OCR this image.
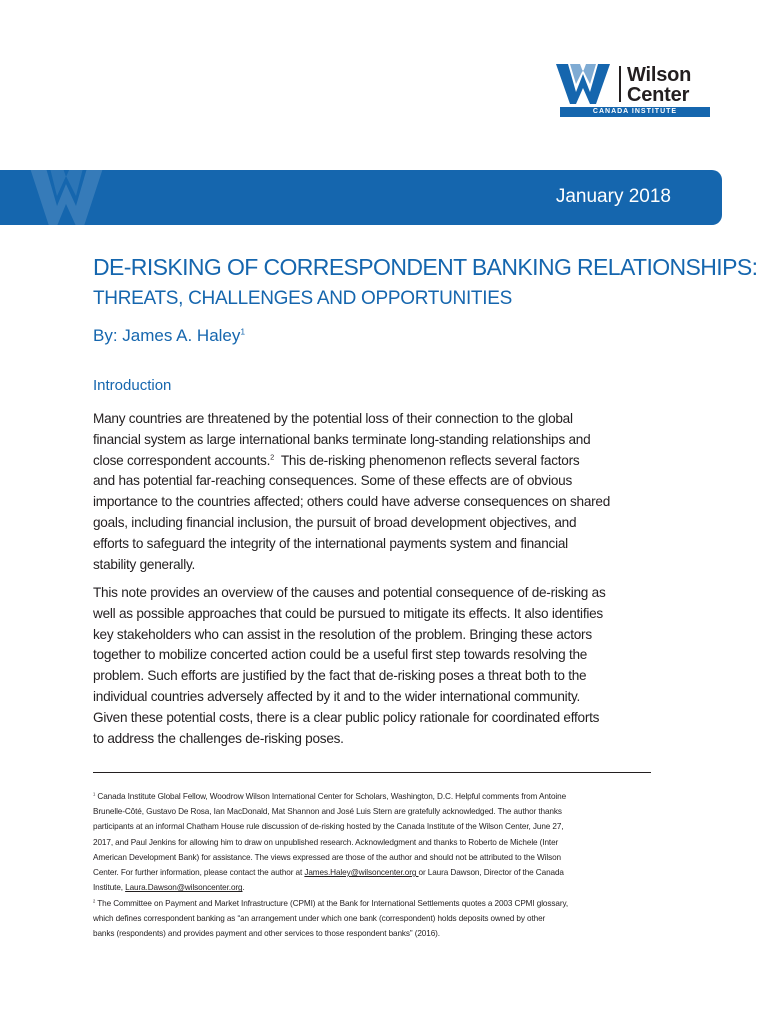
Wilson
Center
CANADA INSTITUTE
January 2018
DE-RISKING OF CORRESPONDENT BANKING RELATIONSHIPS:
THREATS, CHALLENGES AND OPPORTUNITIES
By: James A. Haley$^1$
Introduction
Many countries are threatened by the potential loss of their connection to the global
financial system as large international banks terminate long-standing relationships and
close correspondent accounts.$^2$ This de-risking phenomenon reflects several factors
and has potential far-reaching consequences. Some of these effects are of obvious
importance to the countries affected; others could have adverse consequences on shared
goals, including financial inclusion, the pursuit of broad development objectives, and
efforts to safeguard the integrity of the international payments system and financial
stability generally.
This note provides an overview of the causes and potential consequence of de-risking as
well as possible approaches that could be pursued to mitigate its effects. It also identifies
key stakeholders who can assist in the resolution of the problem. Bringing these actors
together to mobilize concerted action could be a useful first step towards resolving the
problem. Such efforts are justified by the fact that de-risking poses a threat both to the
individual countries adversely affected by it and to the wider international community.
Given these potential costs, there is a clear public policy rationale for coordinated efforts
to address the challenges de-risking poses.
$^1$ Canada Institute Global Fellow, Woodrow Wilson International Center for Scholars, Washington, D.C. Helpful comments from Antoine
Brunelle-Côté, Gustavo De Rosa, Ian MacDonald, Mat Shannon and José Luis Stern are gratefully acknowledged. The author thanks
participants at an informal Chatham House rule discussion of de-risking hosted by the Canada Institute of the Wilson Center, June 27,
2017, and Paul Jenkins for allowing him to draw on unpublished research. Acknowledgment and thanks to Roberto de Michele (Inter
American Development Bank) for assistance. The views expressed are those of the author and should not be attributed to the Wilson
Center. For further information, please contact the author at James.Haley@wilsoncenter.org or Laura Dawson, Director of the Canada
Institute, Laura.Dawson@wilsoncenter.org.
$^2$ The Committee on Payment and Market Infrastructure (CPMI) at the Bank for International Settlements quotes a 2003 CPMI glossary,
which defines correspondent banking as “an arrangement under which one bank (correspondent) holds deposits owned by other
banks (respondents) and provides payment and other services to those respondent banks” (2016).
